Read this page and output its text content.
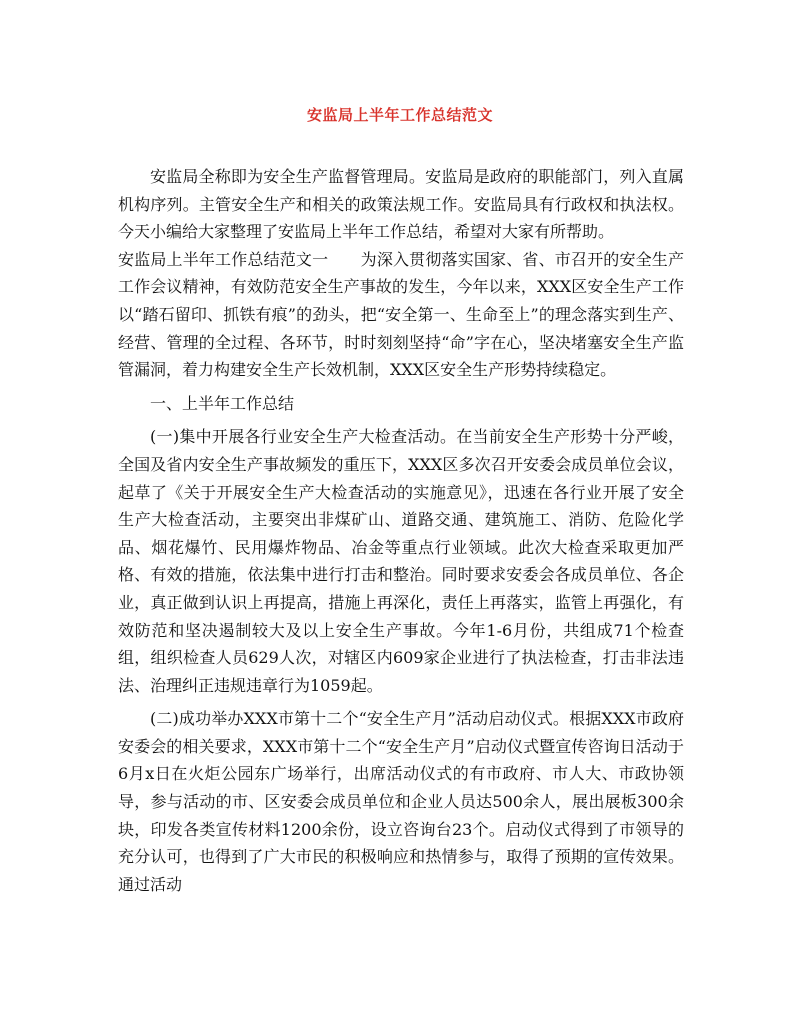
安监局上半年工作总结范文

安监局全称即为安全生产监督管理局。安监局是政府的职能部门，列入直属机构序列。主管安全生产和相关的政策法规工作。安监局具有行政权和执法权。今天小编给大家整理了安监局上半年工作总结，希望对大家有所帮助。

安监局上半年工作总结范文一　　为深入贯彻落实国家、省、市召开的安全生产工作会议精神，有效防范安全生产事故的发生，今年以来，XXX区安全生产工作以“踏石留印、抓铁有痕”的劲头，把“安全第一、生命至上”的理念落实到生产、经营、管理的全过程、各环节，时时刻刻坚持“命”字在心，坚决堵塞安全生产监管漏洞，着力构建安全生产长效机制，XXX区安全生产形势持续稳定。

一、上半年工作总结

(一)集中开展各行业安全生产大检查活动。在当前安全生产形势十分严峻，全国及省内安全生产事故频发的重压下，XXX区多次召开安委会成员单位会议，起草了《关于开展安全生产大检查活动的实施意见》，迅速在各行业开展了安全生产大检查活动，主要突出非煤矿山、道路交通、建筑施工、消防、危险化学品、烟花爆竹、民用爆炸物品、冶金等重点行业领域。此次大检查采取更加严格、有效的措施，依法集中进行打击和整治。同时要求安委会各成员单位、各企业，真正做到认识上再提高，措施上再深化，责任上再落实，监管上再强化，有效防范和坚决遏制较大及以上安全生产事故。今年1-6月份，共组成71个检查组，组织检查人员629人次，对辖区内609家企业进行了执法检查，打击非法违法、治理纠正违规违章行为1059起。

(二)成功举办XXX市第十二个“安全生产月”活动启动仪式。根据XXX市政府安委会的相关要求，XXX市第十二个“安全生产月”启动仪式暨宣传咨询日活动于6月x日在火炬公园东广场举行，出席活动仪式的有市政府、市人大、市政协领导，参与活动的市、区安委会成员单位和企业人员达500余人，展出展板300余块，印发各类宣传材料1200余份，设立咨询台23个。启动仪式得到了市领导的充分认可，也得到了广大市民的积极响应和热情参与，取得了预期的宣传效果。通过活动
